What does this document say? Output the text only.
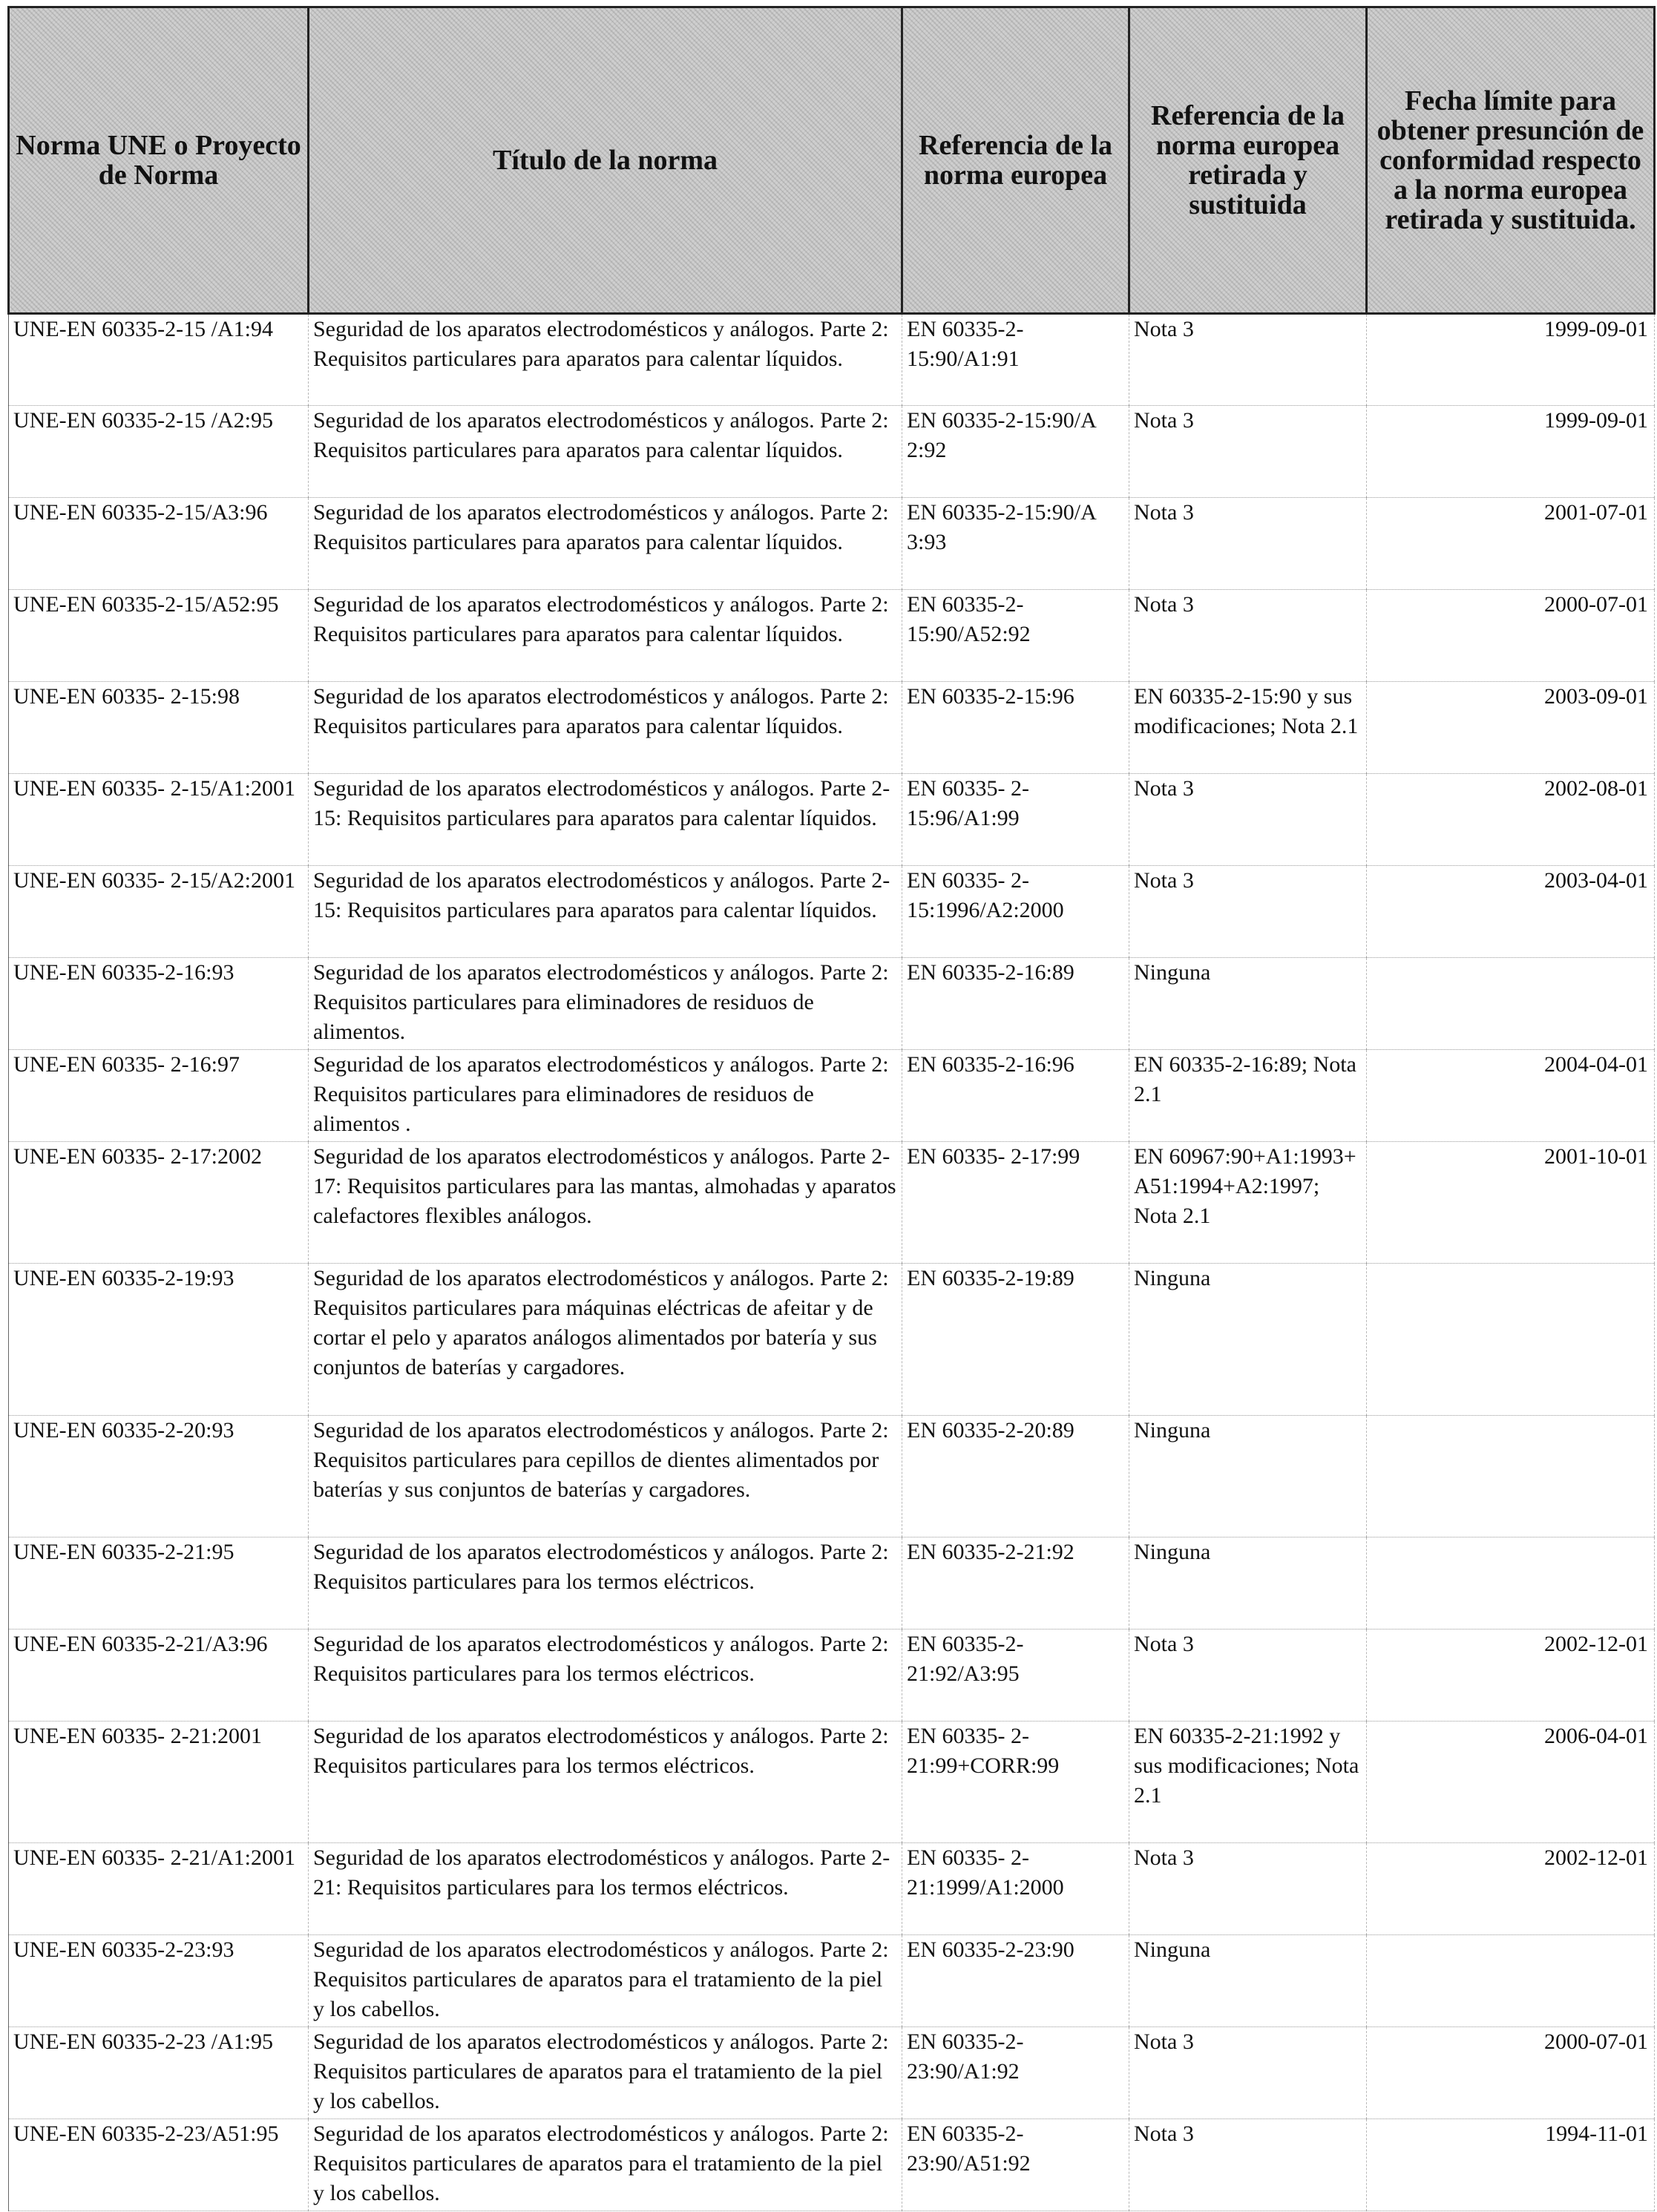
Norma UNE o Proyecto de Norma	Título de la norma	Referencia de la norma europea	Referencia de la norma europea retirada y sustituida	Fecha límite para obtener presunción de conformidad respecto a la norma europea retirada y sustituida.
UNE-EN 60335-2-15 /A1:94	Seguridad de los aparatos electrodomésticos y análogos. Parte 2: Requisitos particulares para aparatos para calentar líquidos.	EN 60335-2-15:90/A1:91	Nota 3	1999-09-01
UNE-EN 60335-2-15 /A2:95	Seguridad de los aparatos electrodomésticos y análogos. Parte 2: Requisitos particulares para aparatos para calentar líquidos.	EN 60335-2-15:90/A 2:92	Nota 3	1999-09-01
UNE-EN 60335-2-15/A3:96	Seguridad de los aparatos electrodomésticos y análogos. Parte 2: Requisitos particulares para aparatos para calentar líquidos.	EN 60335-2-15:90/A 3:93	Nota 3	2001-07-01
UNE-EN 60335-2-15/A52:95	Seguridad de los aparatos electrodomésticos y análogos. Parte 2: Requisitos particulares para aparatos para calentar líquidos.	EN 60335-2-15:90/A52:92	Nota 3	2000-07-01
UNE-EN 60335- 2-15:98	Seguridad de los aparatos electrodomésticos y análogos. Parte 2: Requisitos particulares para aparatos para calentar líquidos.	EN 60335-2-15:96	EN 60335-2-15:90 y sus modificaciones; Nota 2.1	2003-09-01
UNE-EN 60335- 2-15/A1:2001	Seguridad de los aparatos electrodomésticos y análogos. Parte 2-15: Requisitos particulares para aparatos para calentar líquidos.	EN 60335- 2-15:96/A1:99	Nota 3	2002-08-01
UNE-EN 60335- 2-15/A2:2001	Seguridad de los aparatos electrodomésticos y análogos. Parte 2-15: Requisitos particulares para aparatos para calentar líquidos.	EN 60335- 2-15:1996/A2:2000	Nota 3	2003-04-01
UNE-EN 60335-2-16:93	Seguridad de los aparatos electrodomésticos y análogos. Parte 2: Requisitos particulares para eliminadores de residuos de alimentos.	EN 60335-2-16:89	Ninguna	
UNE-EN 60335- 2-16:97	Seguridad de los aparatos electrodomésticos y análogos. Parte 2: Requisitos particulares para eliminadores de residuos de alimentos .	EN 60335-2-16:96	EN 60335-2-16:89; Nota 2.1	2004-04-01
UNE-EN 60335- 2-17:2002	Seguridad de los aparatos electrodomésticos y análogos. Parte 2-17: Requisitos particulares para las mantas, almohadas y aparatos calefactores flexibles análogos.	EN 60335- 2-17:99	EN 60967:90+A1:1993+ A51:1994+A2:1997; Nota 2.1	2001-10-01
UNE-EN 60335-2-19:93	Seguridad de los aparatos electrodomésticos y análogos. Parte 2: Requisitos particulares para máquinas eléctricas de afeitar y de cortar el pelo y aparatos análogos alimentados por batería y sus conjuntos de baterías y cargadores.	EN 60335-2-19:89	Ninguna	
UNE-EN 60335-2-20:93	Seguridad de los aparatos electrodomésticos y análogos. Parte 2: Requisitos particulares para cepillos de dientes alimentados por baterías y sus conjuntos de baterías y cargadores.	EN 60335-2-20:89	Ninguna	
UNE-EN 60335-2-21:95	Seguridad de los aparatos electrodomésticos y análogos. Parte 2: Requisitos particulares para los termos eléctricos.	EN 60335-2-21:92	Ninguna	
UNE-EN 60335-2-21/A3:96	Seguridad de los aparatos electrodomésticos y análogos. Parte 2: Requisitos particulares para los termos eléctricos.	EN 60335-2-21:92/A3:95	Nota 3	2002-12-01
UNE-EN 60335- 2-21:2001	Seguridad de los aparatos electrodomésticos y análogos. Parte 2: Requisitos particulares para los termos eléctricos.	EN 60335- 2-21:99+CORR:99	EN 60335-2-21:1992 y sus modificaciones; Nota 2.1	2006-04-01
UNE-EN 60335- 2-21/A1:2001	Seguridad de los aparatos electrodomésticos y análogos. Parte 2-21: Requisitos particulares para los termos eléctricos.	EN 60335- 2-21:1999/A1:2000	Nota 3	2002-12-01
UNE-EN 60335-2-23:93	Seguridad de los aparatos electrodomésticos y análogos. Parte 2: Requisitos particulares de aparatos para el tratamiento de la piel y los cabellos.	EN 60335-2-23:90	Ninguna	
UNE-EN 60335-2-23 /A1:95	Seguridad de los aparatos electrodomésticos y análogos. Parte 2: Requisitos particulares de aparatos para el tratamiento de la piel y los cabellos.	EN 60335-2-23:90/A1:92	Nota 3	2000-07-01
UNE-EN 60335-2-23/A51:95	Seguridad de los aparatos electrodomésticos y análogos. Parte 2: Requisitos particulares de aparatos para el tratamiento de la piel y los cabellos.	EN 60335-2-23:90/A51:92	Nota 3	1994-11-01
